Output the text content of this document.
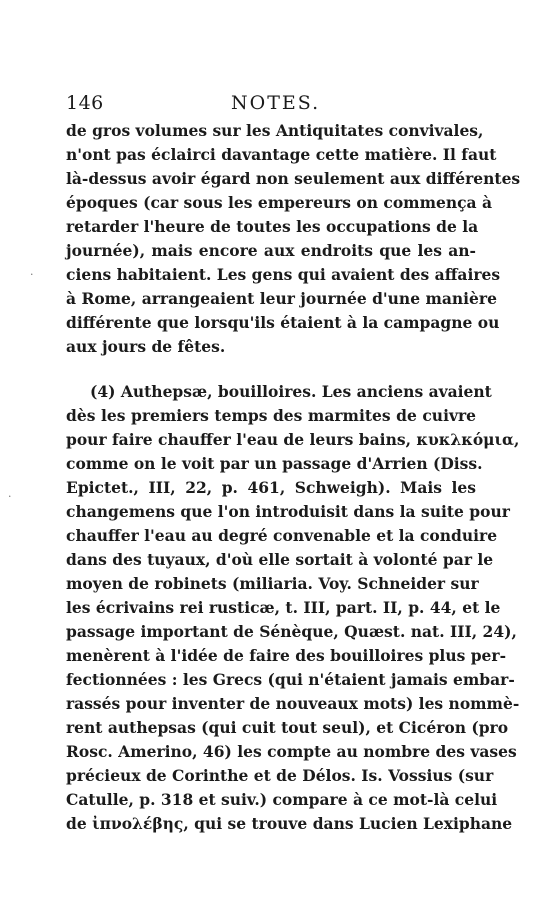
146	NOTES.
de gros volumes sur les Antiquitates convivales,
n'ont pas éclairci davantage cette matière. Il faut
là-dessus avoir égard non seulement aux différentes
époques (car sous les empereurs on commença à
retarder l'heure de toutes les occupations de la
journée), mais encore aux endroits que les an-
ciens habitaient. Les gens qui avaient des affaires
à Rome, arrangeaient leur journée d'une manière
différente que lorsqu'ils étaient à la campagne ou
aux jours de fêtes.
(4) Authepsæ, bouilloires. Les anciens avaient
dès les premiers temps des marmites de cuivre
pour faire chauffer l'eau de leurs bains, κυκλκόμια,
comme on le voit par un passage d'Arrien (Diss.
Epictet., III, 22, p. 461, Schweigh). Mais les
changemens que l'on introduisit dans la suite pour
chauffer l'eau au degré convenable et la conduire
dans des tuyaux, d'où elle sortait à volonté par le
moyen de robinets (miliaria. Voy. Schneider sur
les écrivains rei rusticæ, t. III, part. II, p. 44, et le
passage important de Sénèque, Quæst. nat. III, 24),
menèrent à l'idée de faire des bouilloires plus per-
fectionnées : les Grecs (qui n'étaient jamais embar-
rassés pour inventer de nouveaux mots) les nommè-
rent authepsas (qui cuit tout seul), et Cicéron (pro
Rosc. Amerino, 46) les compte au nombre des vases
précieux de Corinthe et de Délos. Is. Vossius (sur
Catulle, p. 318 et suiv.) compare à ce mot-là celui
de ἰπνολέβης, qui se trouve dans Lucien Lexiphane
·
·
